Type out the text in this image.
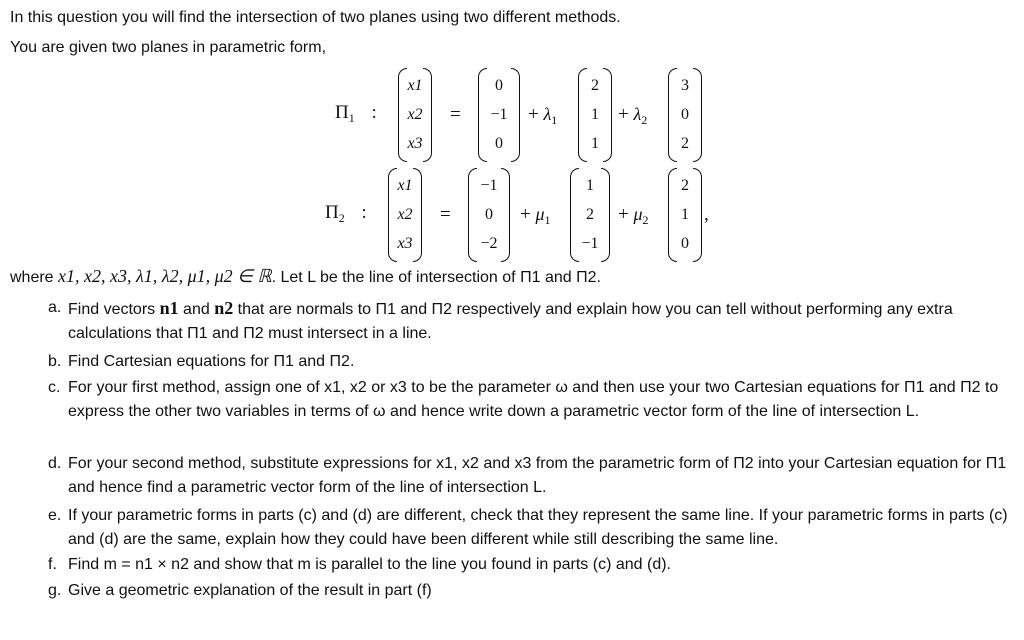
In this question you will find the intersection of two planes using two different methods.
You are given two planes in parametric form,
$\Pi_1$ :
x1
x2
x3
=
0
−1
0
+ $\lambda_1$
2
1
1
+ $\lambda_2$
3
0
2
$\Pi_2$ :
x1
x2
x3
=
−1
0
−2
+ $\mu_1$
1
2
−1
+ $\mu_2$
2
1
0
,
where x1, x2, x3, λ1, λ2, μ1, μ2 ∈ ℝ. Let L be the line of intersection of Π1 and Π2.
a. Find vectors n1 and n2 that are normals to Π1 and Π2 respectively and explain how you can tell without performing any extra calculations that Π1 and Π2 must intersect in a line.
b. Find Cartesian equations for Π1 and Π2.
c. For your first method, assign one of x1, x2 or x3 to be the parameter ω and then use your two Cartesian equations for Π1 and Π2 to express the other two variables in terms of ω and hence write down a parametric vector form of the line of intersection L.
d. For your second method, substitute expressions for x1, x2 and x3 from the parametric form of Π2 into your Cartesian equation for Π1 and hence find a parametric vector form of the line of intersection L.
e. If your parametric forms in parts (c) and (d) are different, check that they represent the same line. If your parametric forms in parts (c) and (d) are the same, explain how they could have been different while still describing the same line.
f. Find m = n1 × n2 and show that m is parallel to the line you found in parts (c) and (d).
g. Give a geometric explanation of the result in part (f)
